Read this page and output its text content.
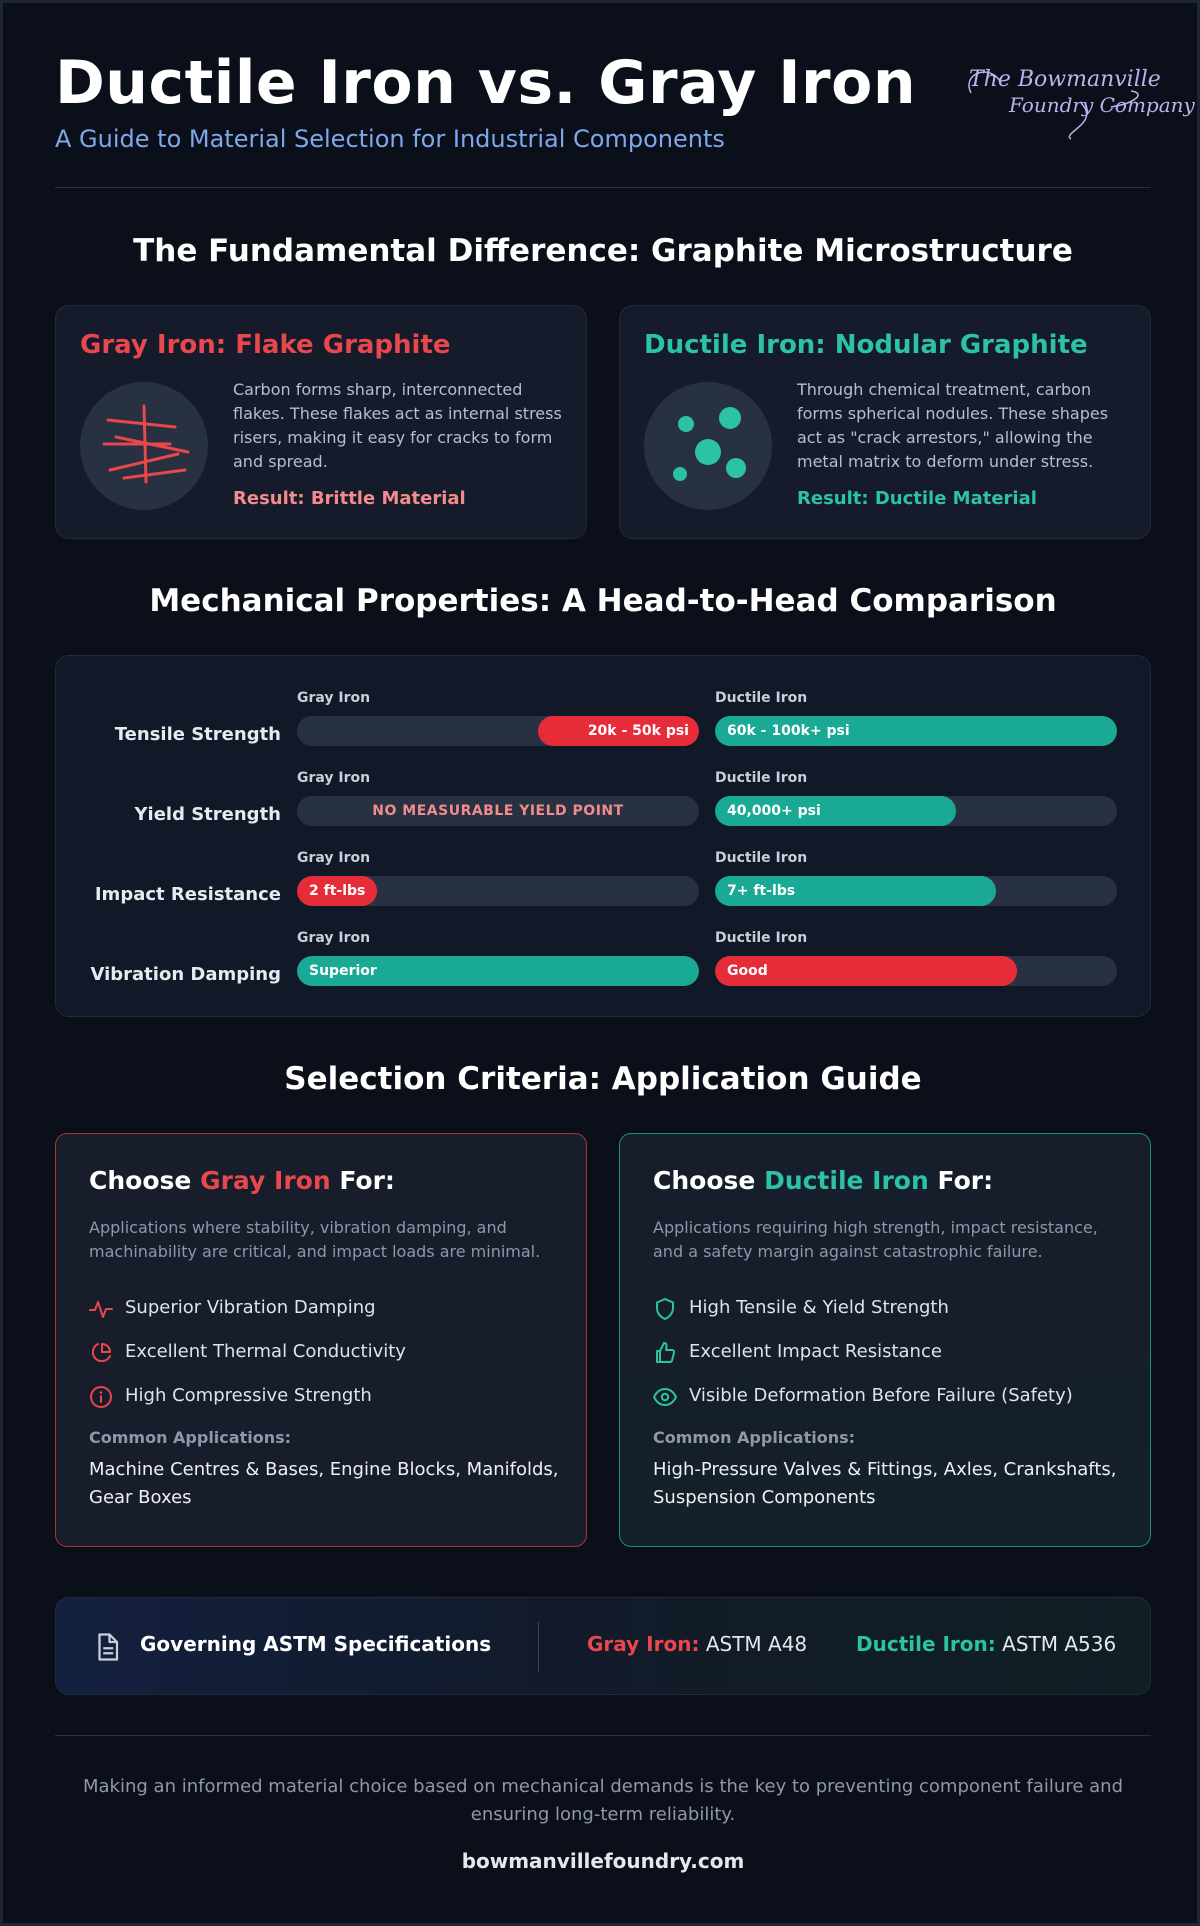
Ductile Iron vs. Gray Iron
A Guide to Material Selection for Industrial Components
The Bowmanville
Foundry Company
The Fundamental Difference: Graphite Microstructure
Gray Iron: Flake Graphite
Carbon forms sharp, interconnected flakes. These flakes act as internal stress risers, making it easy for cracks to form and spread.
Result: Brittle Material
Ductile Iron: Nodular Graphite
Through chemical treatment, carbon forms spherical nodules. These shapes act as "crack arrestors," allowing the metal matrix to deform under stress.
Result: Ductile Material
Mechanical Properties: A Head-to-Head Comparison
Tensile Strength
Gray Iron
20k - 50k psi
Ductile Iron
60k - 100k+ psi
Yield Strength
Gray Iron
NO MEASURABLE YIELD POINT
Ductile Iron
40,000+ psi
Impact Resistance
Gray Iron
2 ft-lbs
Ductile Iron
7+ ft-lbs
Vibration Damping
Gray Iron
Superior
Ductile Iron
Good
Selection Criteria: Application Guide
Choose Gray Iron For:
Applications where stability, vibration damping, and machinability are critical, and impact loads are minimal.
Superior Vibration Damping
Excellent Thermal Conductivity
High Compressive Strength
Common Applications:
Machine Centres & Bases, Engine Blocks, Manifolds, Gear Boxes
Choose Ductile Iron For:
Applications requiring high strength, impact resistance, and a safety margin against catastrophic failure.
High Tensile & Yield Strength
Excellent Impact Resistance
Visible Deformation Before Failure (Safety)
Common Applications:
High-Pressure Valves & Fittings, Axles, Crankshafts, Suspension Components
Governing ASTM Specifications	Gray Iron: ASTM A48 Ductile Iron: ASTM A536
Making an informed material choice based on mechanical demands is the key to preventing component failure and ensuring long-term reliability.
bowmanvillefoundry.com
